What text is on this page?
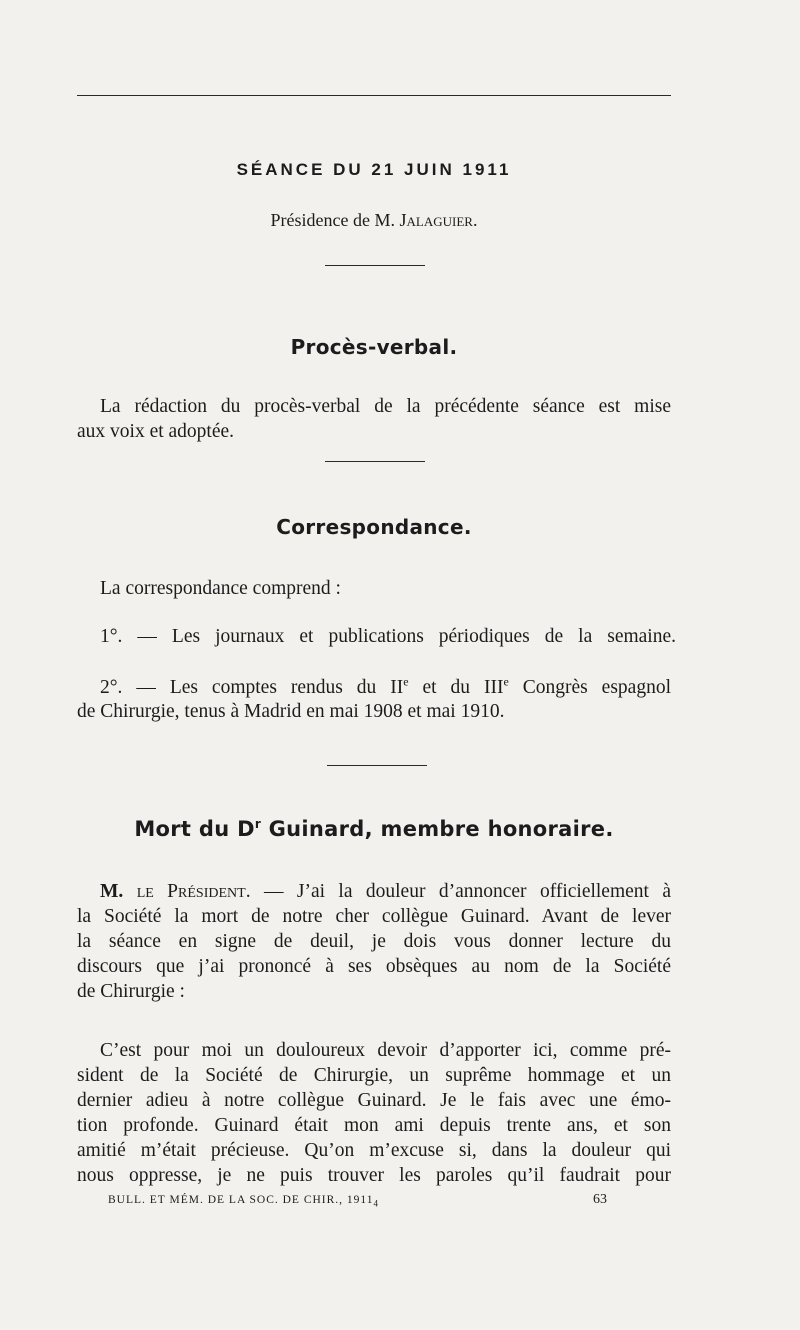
SÉANCE DU 21 JUIN 1911
Présidence de M. Jalaguier.
Procès-verbal.
La rédaction du procès-verbal de la précédente séance est mise
aux voix et adoptée.
Correspondance.
La correspondance comprend :
1°. — Les journaux et publications périodiques de la semaine.
2°. — Les comptes rendus du IIe et du IIIe Congrès espagnol
de Chirurgie, tenus à Madrid en mai 1908 et mai 1910.
Mort du $D^r$ Guinard, membre honoraire.
M. le Président. — J’ai la douleur d’annoncer officiellement à
la Société la mort de notre cher collègue Guinard. Avant de lever
la séance en signe de deuil, je dois vous donner lecture du
discours que j’ai prononcé à ses obsèques au nom de la Société
de Chirurgie :
C’est pour moi un douloureux devoir d’apporter ici, comme pré-
sident de la Société de Chirurgie, un suprême hommage et un
dernier adieu à notre collègue Guinard. Je le fais avec une émo-
tion profonde. Guinard était mon ami depuis trente ans, et son
amitié m’était précieuse. Qu’on m’excuse si, dans la douleur qui
nous oppresse, je ne puis trouver les paroles qu’il faudrait pour
BULL. ET MÉM. DE LA SOC. DE CHIR., $1911_4$	63
